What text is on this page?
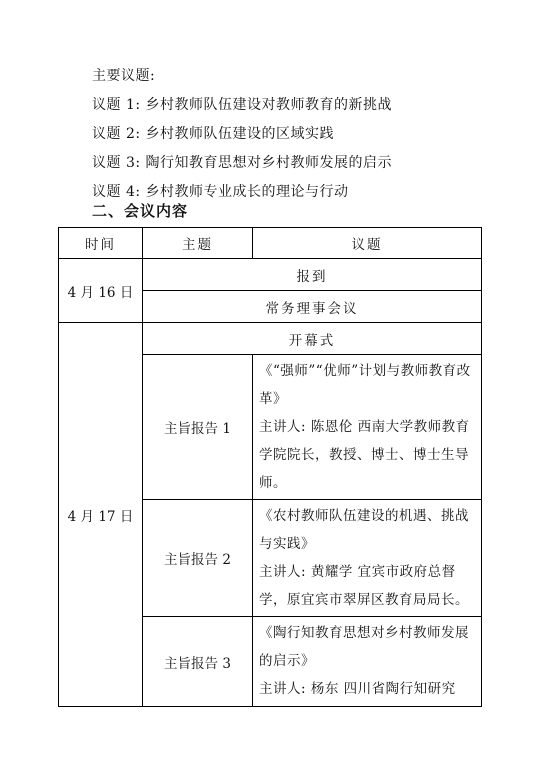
主要议题:
议题 1: 乡村教师队伍建设对教师教育的新挑战
议题 2: 乡村教师队伍建设的区域实践
议题 3: 陶行知教育思想对乡村教师发展的启示
议题 4: 乡村教师专业成长的理论与行动
二、会议内容
时间	主题	议题
4 月 16 日	报到	
	常务理事会议	
4 月 17 日	开幕式	
	主旨报告 1	《“强师”“优师”计划与教师教育改革》
主讲人: 陈恩伦 西南大学教师教育学院院长，教授、博士、博士生导师。

	主旨报告 2	《农村教师队伍建设的机遇、挑战与实践》
主讲人: 黄耀学 宜宾市政府总督学，原宜宾市翠屏区教育局局长。

	主旨报告 3	《陶行知教育思想对乡村教师发展的启示》
主讲人: 杨东 四川省陶行知研究
